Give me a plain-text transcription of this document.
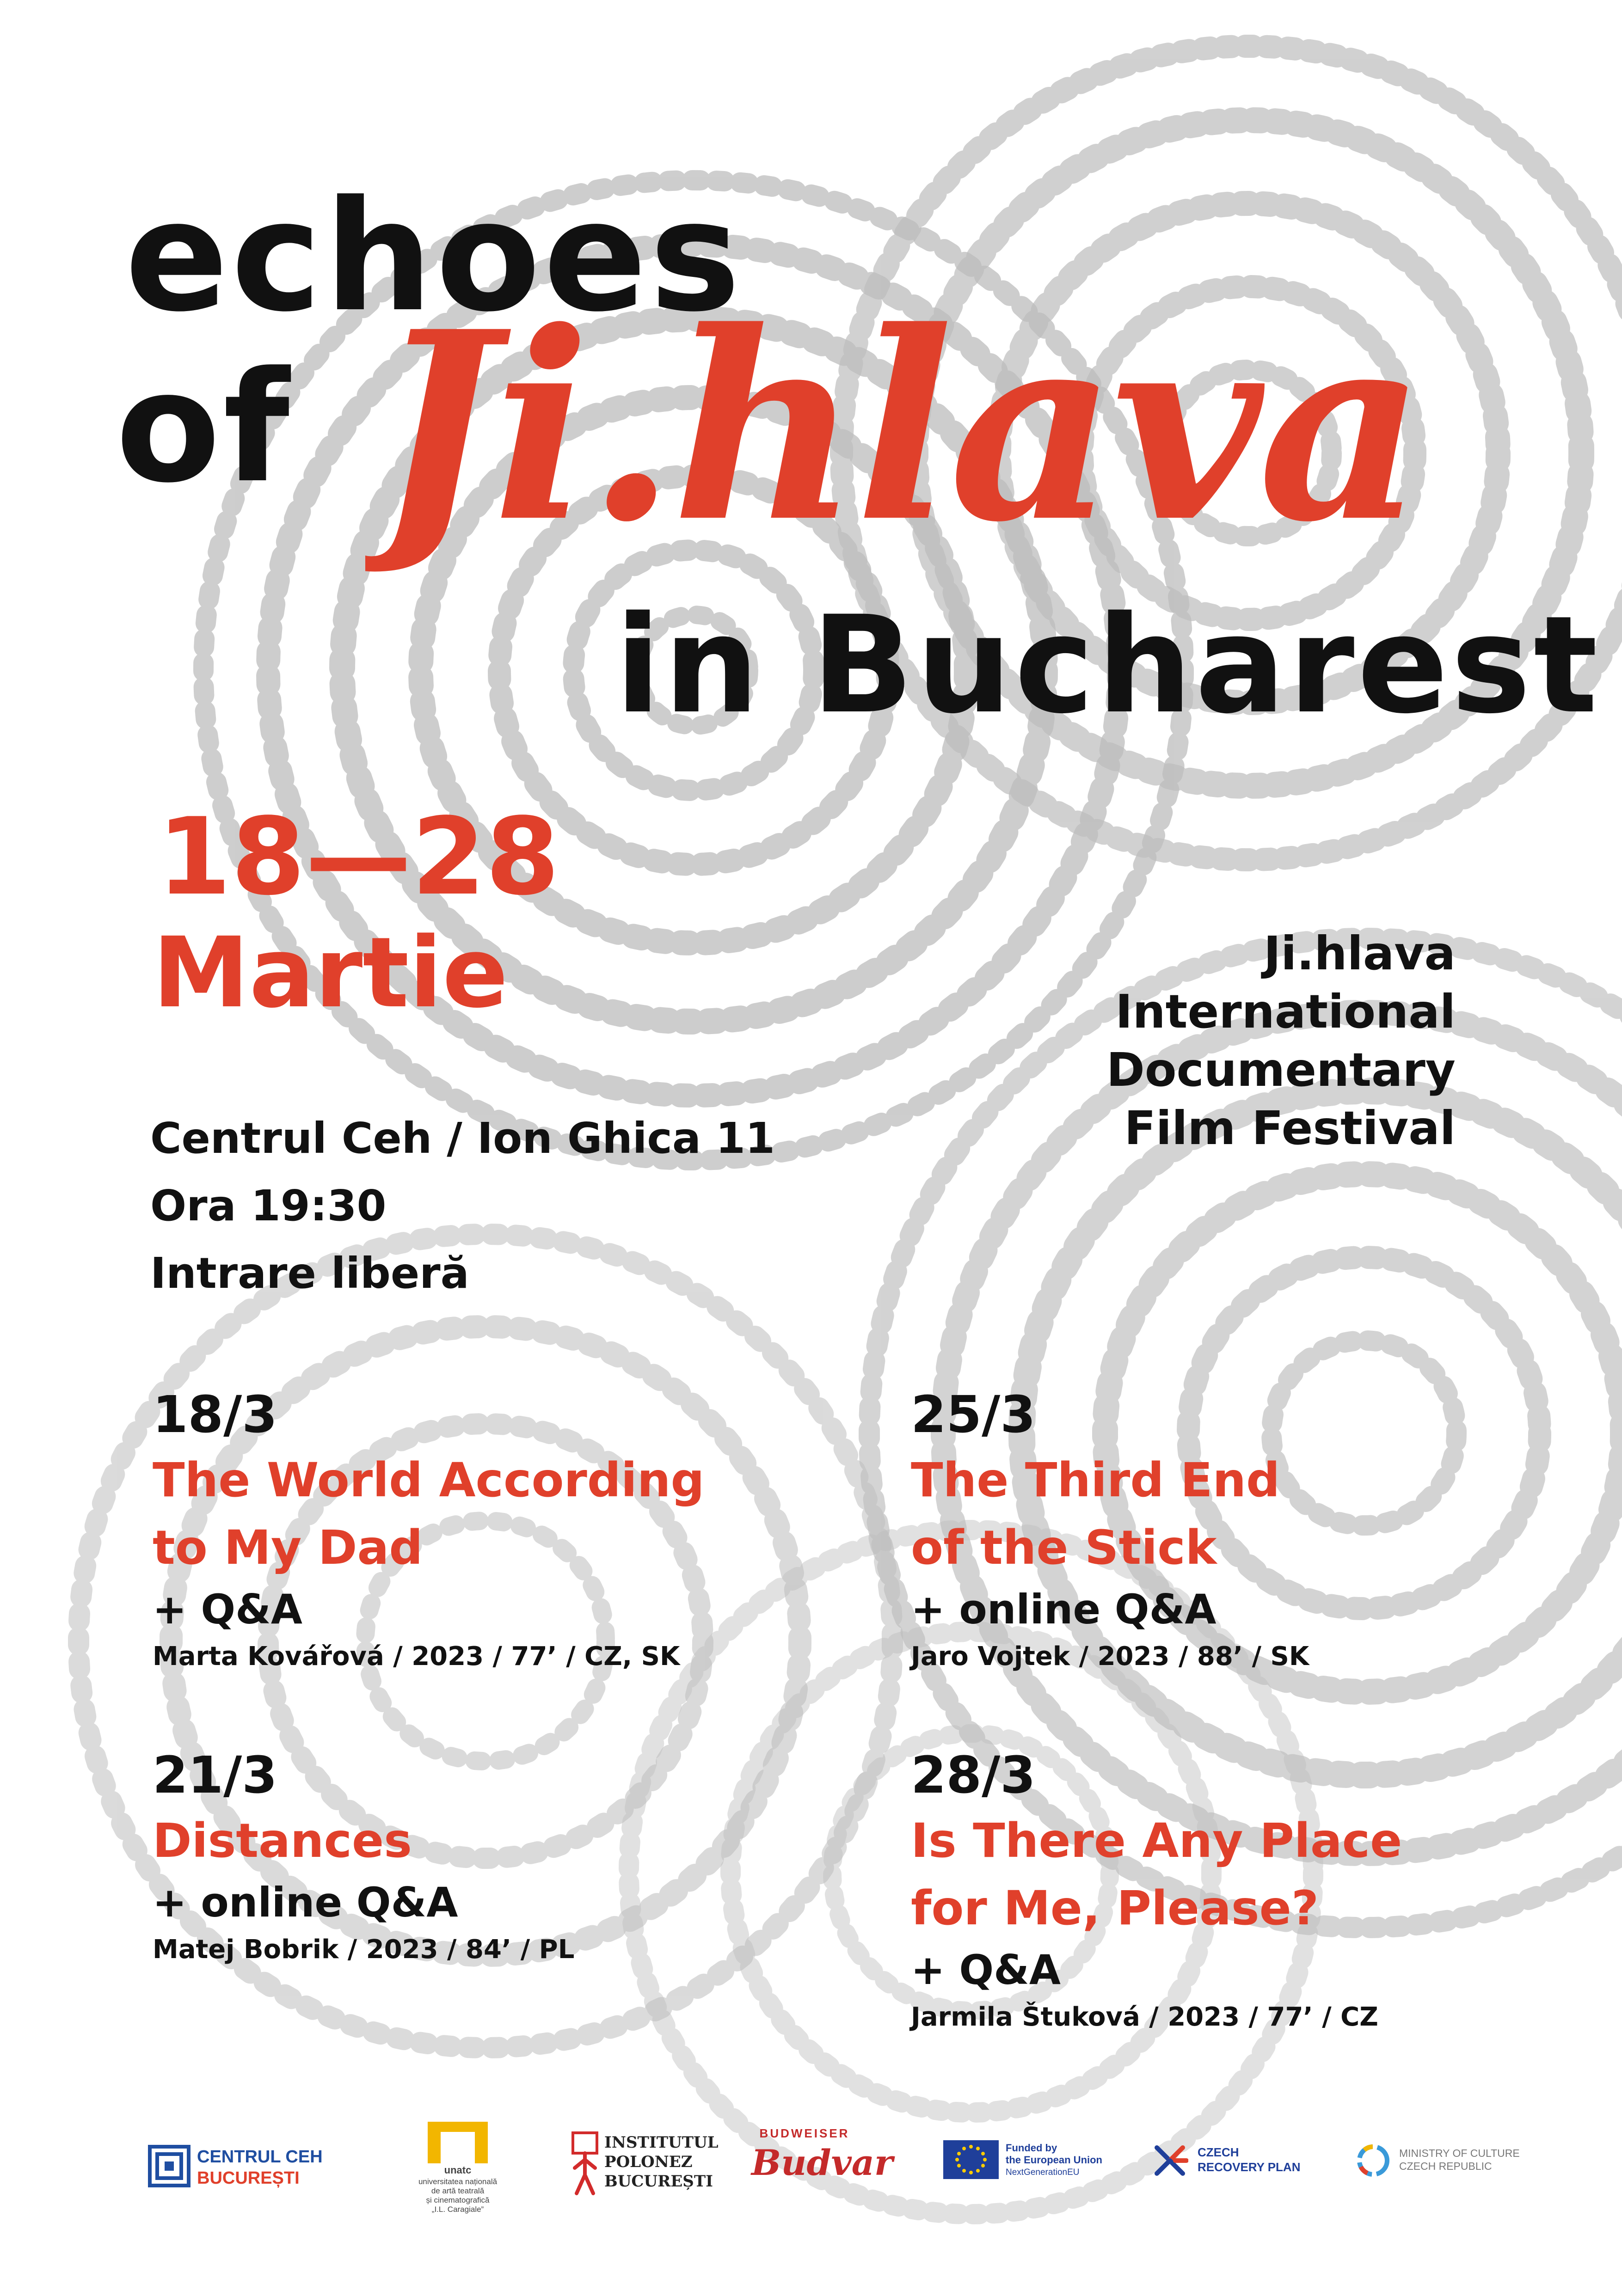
echoes
of Ji.hlava
in Bucharest
18—28
Martie	Ji.hlava
International
Documentary
Film Festival
Centrul Ceh / Ion Ghica 11
Ora 19:30
Intrare liberă
18/3
The World According
to My Dad
+ Q&A
Marta Kovářová / 2023 / 77’ / CZ, SK
25/3
The Third End
of the Stick
+ online Q&A
Jaro Vojtek / 2023 / 88’ / SK
21/3
Distances
+ online Q&A
Matej Bobrik / 2023 / 84’ / PL
28/3
Is There Any Place
for Me, Please?
+ Q&A
Jarmila Štuková / 2023 / 77’ / CZ
CENTRUL CEH
BUCUREȘTI	unatc
universitatea națională
de artă teatrală
și cinematografică
„I.L. Caragiale”
INSTITUTUL
POLONEZ
BUCUREȘTI
BUDWEISER
Budvar	Funded by
the European Union
NextGenerationEU
CZECH
RECOVERY PLAN
MINISTRY OF CULTURE
CZECH REPUBLIC
